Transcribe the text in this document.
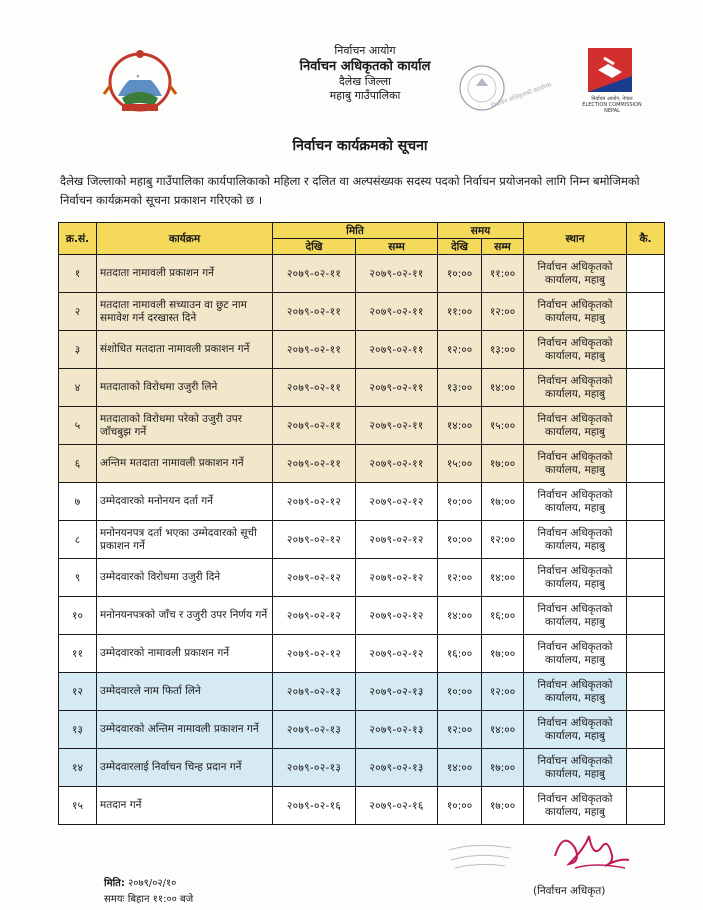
निर्वाचन आयोग
निर्वाचन अधिकृतको कार्याल
दैलेख जिल्ला
महाबु गाउँपालिका	निर्वाचन अधिकृतको कार्यालय	निर्वाचन आयोग, नेपाल ELECTION COMMISSION NEPAL
निर्वाचन कार्यक्रमको सूचना
दैलेख जिल्लाको महाबु गाउँपालिका कार्यपालिकाको महिला र दलित वा अल्पसंख्यक सदस्य पदको निर्वाचन प्रयोजनको लागि निम्न बमोजिमको निर्वाचन कार्यक्रमको सूचना प्रकाशन गरिएको छ ।
क्र.सं.	कार्यक्रम	मिति		समय		स्थान	कै.
		देखि	सम्म	देखि	सम्म		
१	मतदाता नामावली प्रकाशन गर्ने	२०७९-०२-११	२०७९-०२-११	१०:००	११:००	निर्वाचन अधिकृतको कार्यालय, महाबु	
२	मतदाता नामावली सच्याउन वा छुट नाम समावेश गर्न दरखास्त दिने	२०७९-०२-११	२०७९-०२-११	११:००	१२:००	निर्वाचन अधिकृतको कार्यालय, महाबु	
३	संशोधित मतदाता नामावली प्रकाशन गर्ने	२०७९-०२-११	२०७९-०२-११	१२:००	१३:००	निर्वाचन अधिकृतको कार्यालय, महाबु	
४	मतदाताको विरोधमा उजुरी लिने	२०७९-०२-११	२०७९-०२-११	१३:००	१४:००	निर्वाचन अधिकृतको कार्यालय, महाबु	
५	मतदाताको विरोधमा परेको उजुरी उपर जाँचबुझ गर्ने	२०७९-०२-११	२०७९-०२-११	१४:००	१५:००	निर्वाचन अधिकृतको कार्यालय, महाबु	
६	अन्तिम मतदाता नामावली प्रकाशन गर्ने	२०७९-०२-११	२०७९-०२-११	१५:००	१७:००	निर्वाचन अधिकृतको कार्यालय, महाबु	
७	उम्मेदवारको मनोनयन दर्ता गर्ने	२०७९-०२-१२	२०७९-०२-१२	१०:००	१७:००	निर्वाचन अधिकृतको कार्यालय, महाबु	
८	मनोनयनपत्र दर्ता भएका उम्मेदवारको सूची प्रकाशन गर्ने	२०७९-०२-१२	२०७९-०२-१२	१०:००	१२:००	निर्वाचन अधिकृतको कार्यालय, महाबु	
९	उम्मेदवारको विरोधमा उजुरी दिने	२०७९-०२-१२	२०७९-०२-१२	१२:००	१४:००	निर्वाचन अधिकृतको कार्यालय, महाबु	
१०	मनोनयनपत्रको जाँच र उजुरी उपर निर्णय गर्ने	२०७९-०२-१२	२०७९-०२-१२	१४:००	१६:००	निर्वाचन अधिकृतको कार्यालय, महाबु	
११	उम्मेदवारको नामावली प्रकाशन गर्ने	२०७९-०२-१२	२०७९-०२-१२	१६:००	१७:००	निर्वाचन अधिकृतको कार्यालय, महाबु	
१२	उम्मेदवारले नाम फिर्ता लिने	२०७९-०२-१३	२०७९-०२-१३	१०:००	१२:००	निर्वाचन अधिकृतको कार्यालय, महाबु	
१३	उम्मेदवारको अन्तिम नामावली प्रकाशन गर्ने	२०७९-०२-१३	२०७९-०२-१३	१२:००	१४:००	निर्वाचन अधिकृतको कार्यालय, महाबु	
१४	उम्मेदवारलाई निर्वाचन चिन्ह प्रदान गर्ने	२०७९-०२-१३	२०७९-०२-१३	१४:००	१७:००	निर्वाचन अधिकृतको कार्यालय, महाबु	
१५	मतदान गर्ने	२०७९-०२-१६	२०७९-०२-१६	१०:००	१७:००	निर्वाचन अधिकृतको कार्यालय, महाबु	
मिति: २०७९/०२/१०
समयः बिहान ११:०० बजे
(निर्वाचन अधिकृत)
